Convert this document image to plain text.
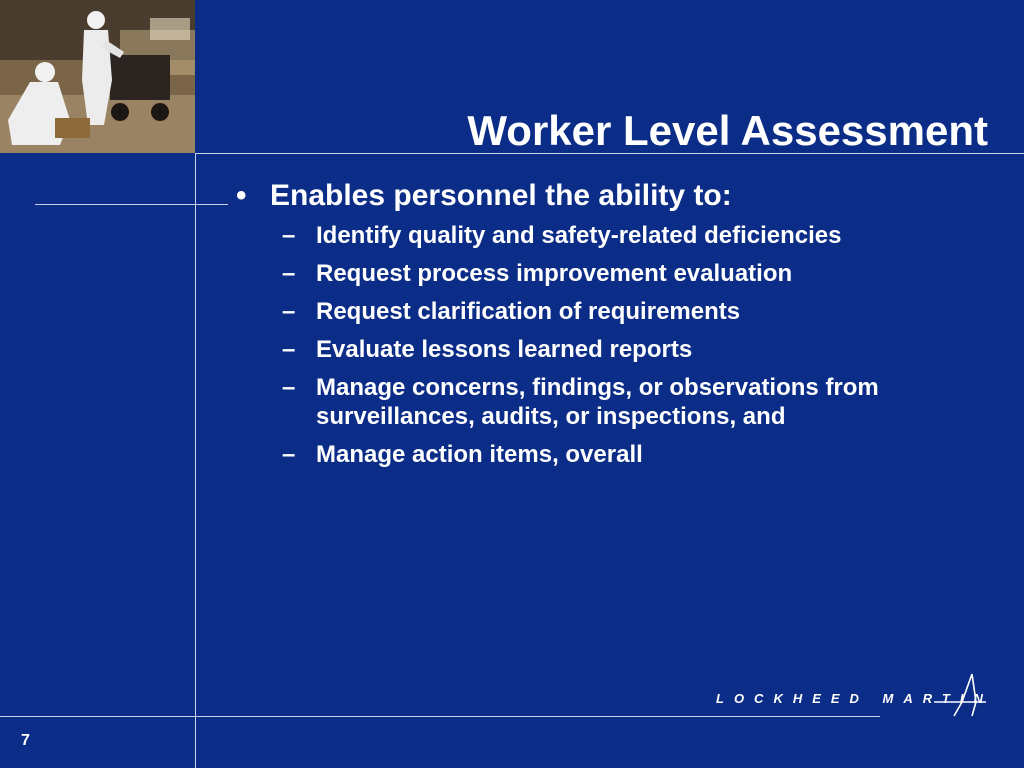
Worker Level Assessment
• Enables personnel the ability to:
– Identify quality and safety-related deficiencies
– Request process improvement evaluation
– Request clarification of requirements
– Evaluate lessons learned reports
– Manage concerns, findings, or observations from surveillances, audits, or inspections, and
– Manage action items, overall
7
LOCKHEED MARTIN
